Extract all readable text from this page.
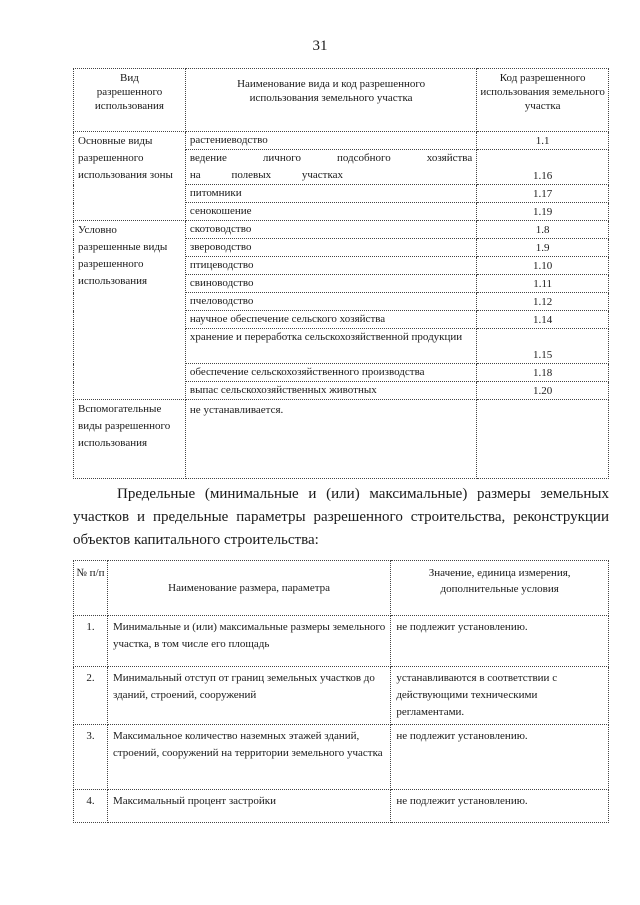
31
Вид разрешенного использования	Наименование вида и код разрешенного использования земельного участка	Код разрешенного использования земельного участка
Основные виды разрешенного использования зоны	растениеводство	1.1

	ведение личного подсобного хозяйства на полевых участках	1.16
	питомники	1.17
	сенокошение	1.19
Условно разрешенные виды разрешенного использования	скотоводство	1.8
	звероводство	1.9
	птицеводство	1.10
	свиноводство	1.11
	пчеловодство	1.12
	научное обеспечение сельского хозяйства	1.14
	хранение и переработка сельскохозяйственной продукции	1.15
	обеспечение сельскохозяйственного производства	1.18
	выпас сельскохозяйственных животных	1.20
Вспомогательные виды разрешенного использования	не устанавливается.	
Предельные (минимальные и (или) максимальные) размеры земельных участков и предельные параметры разрешенного строительства, реконструкции объектов капитального строительства:
№ п/п	Наименование размера, параметра	Значение, единица измерения, дополнительные условия
1.	Минимальные и (или) максимальные размеры земельного участка, в том числе его площадь	не подлежит установлению.
2.	Минимальный отступ от границ земельных участков до зданий, строений, сооружений	устанавливаются в соответствии с действующими техническими регламентами.
3.	Максимальное количество наземных этажей зданий, строений, сооружений на территории земельного участка	не подлежит установлению.
4.	Максимальный процент застройки	не подлежит установлению.
